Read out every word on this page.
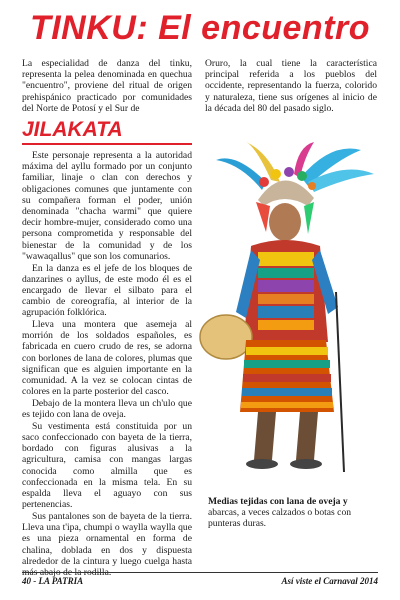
TINKU: El encuentro

La especialidad de danza del tinku, representa la pelea denominada en quechua "encuentro", proviene del ritual de origen prehispánico practicado por comunidades del Norte de Potosí y el Sur de

Oruro, la cual tiene la característica principal referida a los pueblos del occidente, representando la fuerza, colorido y naturaleza, tiene sus orígenes al inicio de la década del 80 del pasado siglo.

JILAKATA

Este personaje representa a la autoridad máxima del ayllu formado por un conjunto familiar, linaje o clan con derechos y obligaciones comunes que juntamente con su compañera forman el poder, unión denominada "chacha warmi" que quiere decir hombre-mujer, considerado como una persona comprometida y responsable del bienestar de la comunidad y de los "wawaqallus" que son los comunarios.

En la danza es el jefe de los bloques de danzarines o ayllus, de este modo él es el encargado de llevar el silbato para el cambio de coreografía, al interior de la agrupación folklórica.

Lleva una montera que asemeja al morrión de los soldados españoles, es fabricada en cuero crudo de res, se adorna con borlones de lana de colores, plumas que significan que es alguien importante en la comunidad. A la vez se colocan cintas de colores en la parte posterior del casco.

Debajo de la montera lleva un ch'ulo que es tejido con lana de oveja.

Su vestimenta está constituida por un saco confeccionado con bayeta de la tierra, bordado con figuras alusivas a la agricultura, camisa con mangas largas conocida como almilla que es confeccionada en la misma tela. En su espalda lleva el aguayo con sus pertenencias.

Sus pantalones son de bayeta de la tierra. Lleva una t'ipa, chumpi o waylla waylla que es una pieza ornamental en forma de chalina, doblada en dos y dispuesta alrededor de la cintura y luego cuelga hasta

Medias tejidas con lana de oveja y abarcas, a veces calzados o botas con punteras duras.

40 - LA PATRIA	Así viste el Carnaval 2014
